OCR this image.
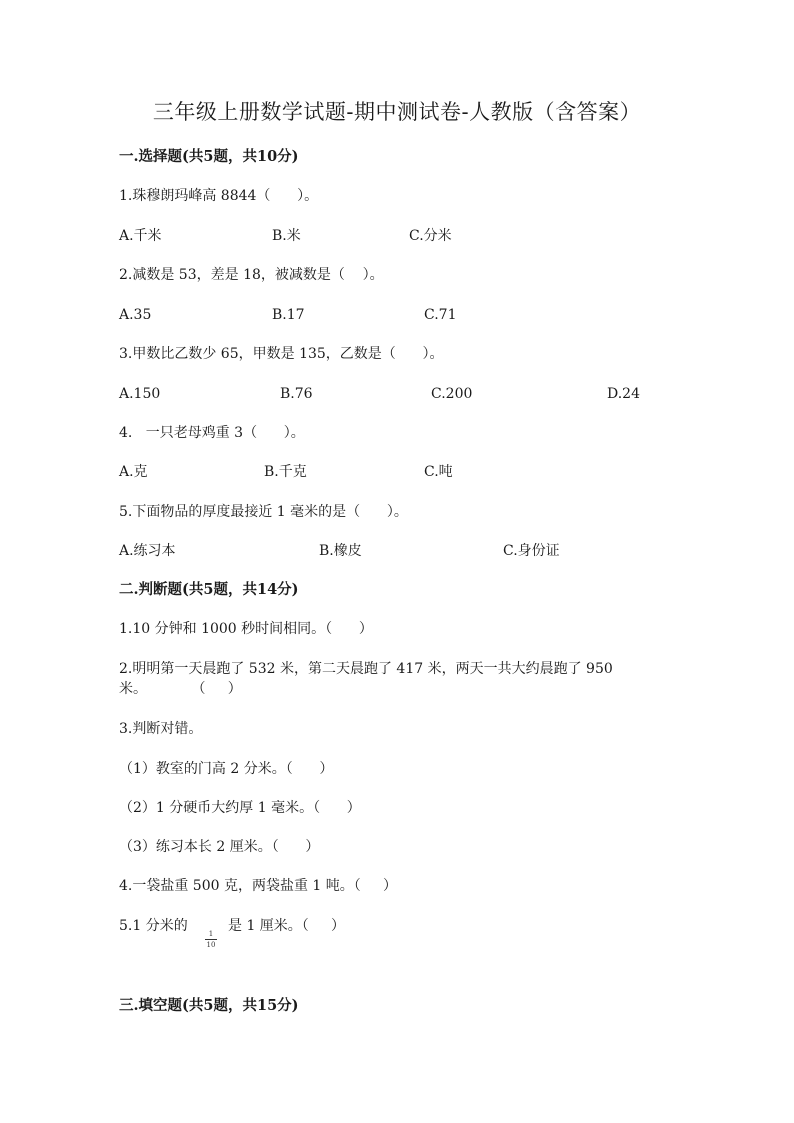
三年级上册数学试题-期中测试卷-人教版（含答案）
一.选择题(共5题，共10分)
1.珠穆朗玛峰高 8844（      ）。
A.千米	B.米	C.分米
2.减数是 53，差是 18，被减数是（    ）。
A.35	B.17	C.71
3.甲数比乙数少 65，甲数是 135，乙数是（      ）。
A.150	B.76	C.200	D.24
4.   一只老母鸡重 3（      ）。
A.克	B.千克	C.吨
5.下面物品的厚度最接近 1 毫米的是（      ）。
A.练习本	B.橡皮	C.身份证
二.判断题(共5题，共14分)
1.10 分钟和 1000 秒时间相同。（      ）
2.明明第一天晨跑了 532 米，第二天晨跑了 417 米，两天一共大约晨跑了 950
米。          （     ）
3.判断对错。
（1）教室的门高 2 分米。（      ）
（2）1 分硬币大约厚 1 毫米。（      ）
（3）练习本长 2 厘米。（      ）
4.一袋盐重 500 克，两袋盐重 1 吨。（     ）
5.1 分米的	1
10
是 1 厘米。（     ）
三.填空题(共5题，共15分)
